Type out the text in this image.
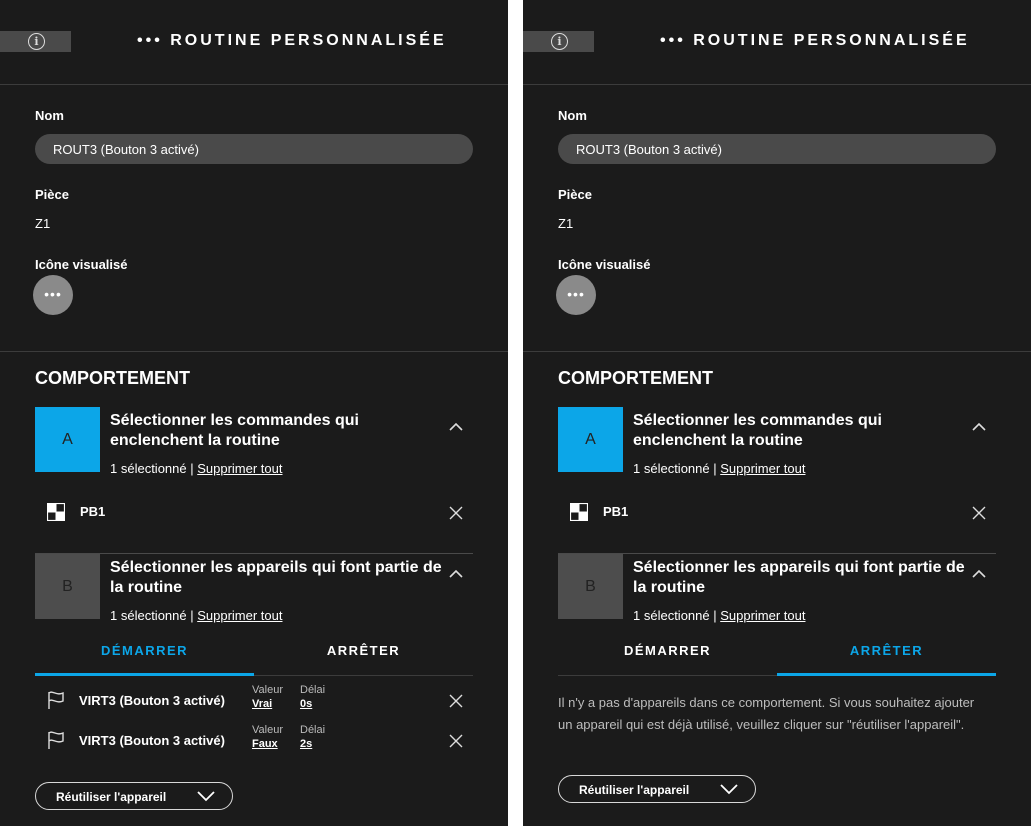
i	••• ROUTINE PERSONNALISÉE
Nom
ROUT3 (Bouton 3 activé)
Pièce
Z1
Icône visualisé
•••
COMPORTEMENT
A
Sélectionner les commandes qui enclenchent la routine
1 sélectionné | Supprimer tout
PB1
B
Sélectionner les appareils qui font partie de la routine
1 sélectionné | Supprimer tout
DÉMARRER	ARRÊTER
VIRT3 (Bouton 3 activé)
Valeur
Vrai
Délai
0s
VIRT3 (Bouton 3 activé)
Valeur
Faux
Délai
2s
Réutiliser l'appareil
i	••• ROUTINE PERSONNALISÉE
Nom
ROUT3 (Bouton 3 activé)
Pièce
Z1
Icône visualisé
•••
COMPORTEMENT
A
Sélectionner les commandes qui enclenchent la routine
1 sélectionné | Supprimer tout
PB1
B
Sélectionner les appareils qui font partie de la routine
1 sélectionné | Supprimer tout
DÉMARRER	ARRÊTER
Il n'y a pas d'appareils dans ce comportement. Si vous souhaitez ajouter un appareil qui est déjà utilisé, veuillez cliquer sur "réutiliser l'appareil".
Réutiliser l'appareil
